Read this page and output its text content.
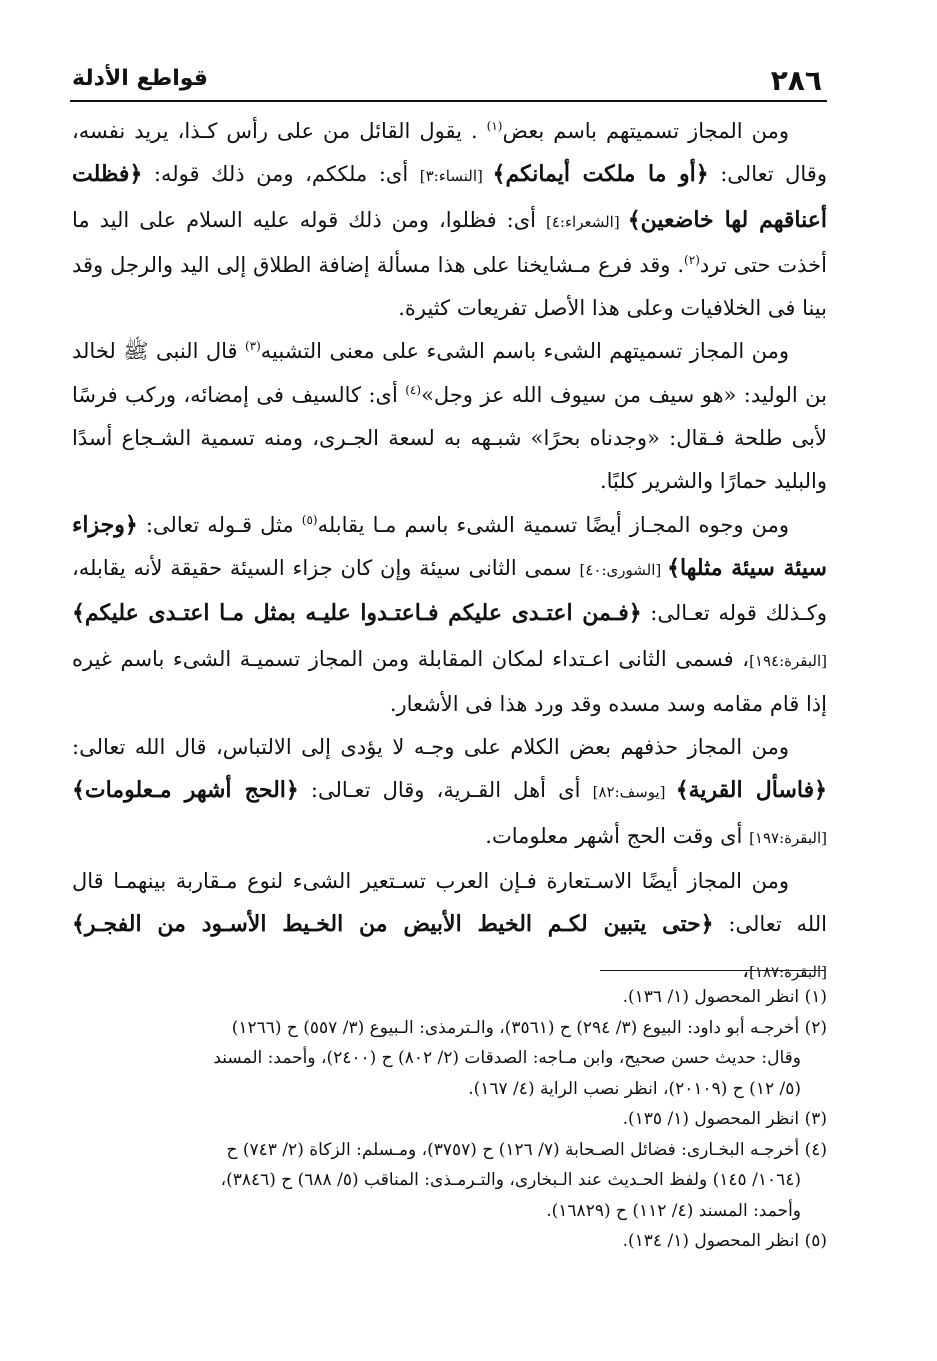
٢٨٦
قواطع الأدلة

ومن المجاز تسميتهم باسم بعض$^{(١)}$ . يقول القائل من على رأس كـذا، يريد نفسه، وقال تعالى: ﴿أو ما ملكت أيمانكم﴾ [النساء:٣] أى: ملككم، ومن ذلك قوله: ﴿فظلت أعناقهم لها خاضعين﴾ [الشعراء:٤] أى: فظلوا، ومن ذلك قوله عليه السلام على اليد ما أخذت حتى ترد$^{(٢)}$. وقد فرع مـشايخنا على هذا مسألة إضافة الطلاق إلى اليد والرجل وقد بينا فى الخلافيات وعلى هذا الأصل تفريعات كثيرة.

ومن المجاز تسميتهم الشىء باسم الشىء على معنى التشبيه$^{(٣)}$ قال النبى ﷺ لخالد بن الوليد: «هو سيف من سيوف الله عز وجل»$^{(٤)}$ أى: كالسيف فى إمضائه، وركب فرسًا لأبى طلحة فـقال: «وجدناه بحرًا» شبـهه به لسعة الجـرى، ومنه تسمية الشـجاع أسدًا والبليد حمارًا والشرير كلبًا.

ومن وجوه المجـاز أيضًا تسمية الشىء باسم مـا يقابله$^{(٥)}$ مثل قـوله تعالى: ﴿وجزاء سيئة سيئة مثلها﴾ [الشورى:٤٠] سمى الثانى سيئة وإن كان جزاء السيئة حقيقة لأنه يقابله، وكـذلك قوله تعـالى: ﴿فـمن اعتـدى عليكم فـاعتـدوا عليـه بمثل مـا اعتـدى عليكم﴾ [البقرة:١٩٤]، فسمى الثانى اعـتداء لمكان المقابلة ومن المجاز تسميـة الشىء باسم غيره إذا قام مقامه وسد مسده وقد ورد هذا فى الأشعار.

ومن المجاز حذفهم بعض الكلام على وجـه لا يؤدى إلى الالتباس، قال الله تعالى: ﴿فاسأل القرية﴾ [يوسف:٨٢] أى أهل القـرية، وقال تعـالى: ﴿الحج أشهر مـعلومات﴾ [البقرة:١٩٧] أى وقت الحج أشهر معلومات.

ومن المجاز أيضًا الاسـتعارة فـإن العرب تسـتعير الشىء لنوع مـقاربة بينهمـا قال الله تعالى: ﴿حتى يتبين لكـم الخيط الأبيض من الخـيط الأسـود من الفجـر﴾ [البقرة:١٨٧]،

(١) انظر المحصول (١/ ١٣٦).

(٢) أخرجـه أبو داود: البيوع (٣/ ٢٩٤) ح (٣٥٦١)، والـترمذى: الـبيوع (٣/ ٥٥٧) ح (١٢٦٦)
وقال: حديث حسن صحيح، وابن مـاجه: الصدقات (٢/ ٨٠٢) ح (٢٤٠٠)، وأحمد: المسند
(٥/ ١٢) ح (٢٠١٠٩)، انظر نصب الراية (٤/ ١٦٧).

(٣) انظر المحصول (١/ ١٣٥).

(٤) أخرجـه البخـارى: فضائل الصـحابة (٧/ ١٢٦) ح (٣٧٥٧)، ومـسلم: الزكاة (٢/ ٧٤٣) ح
(١٠٦٤/ ١٤٥) ولفظ الحـديث عند الـبخارى، والتـرمـذى: المناقب (٥/ ٦٨٨) ح (٣٨٤٦)،
وأحمد: المسند (٤/ ١١٢) ح (١٦٨٢٩).

(٥) انظر المحصول (١/ ١٣٤).
